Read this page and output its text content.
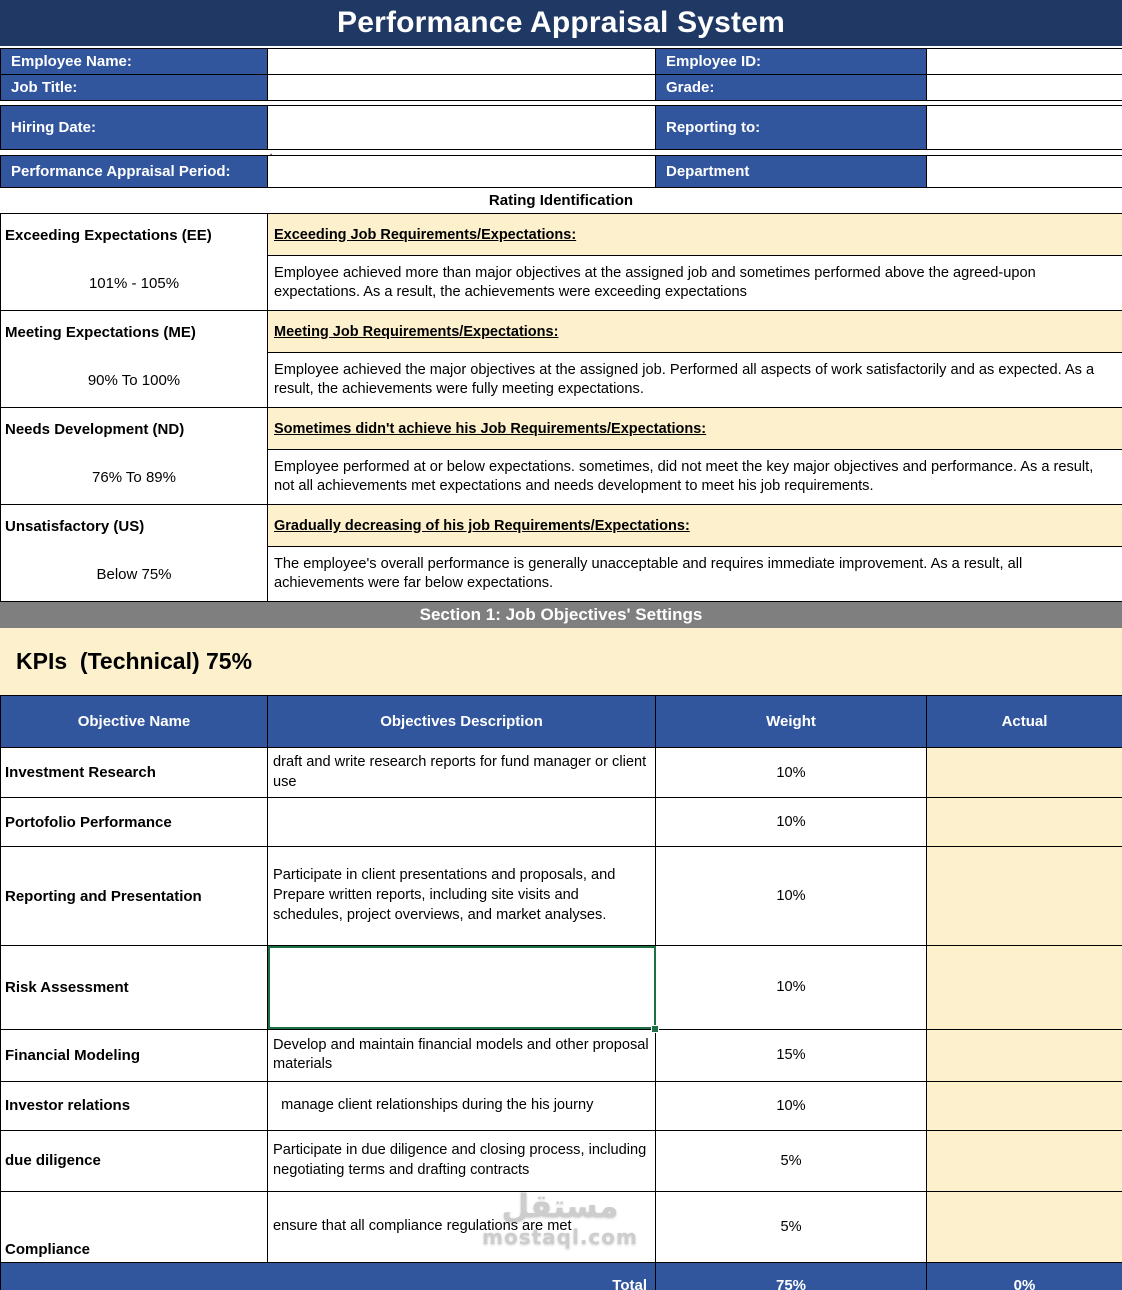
Performance Appraisal System
Employee Name:		Employee ID:	
Job Title:		Grade:	

Hiring Date:		Reporting to:	
	.		
Performance Appraisal Period:		Department	
Rating Identification
Exceeding Expectations (EE)
101% - 105%	Exceeding Job Requirements/Expectations:
	Employee achieved more than major objectives at the assigned job and sometimes performed above the agreed-upon expectations. As a result, the achievements were exceeding expectations

Meeting Expectations (ME)
90% To 100%	Meeting Job Requirements/Expectations:
	Employee achieved the major objectives at the assigned job. Performed all aspects of work satisfactorily and as expected. As a result, the achievements were fully meeting expectations.

Needs Development (ND)
76% To 89%	Sometimes didn't achieve his Job Requirements/Expectations:
	Employee performed at or below expectations. sometimes, did not meet the key major objectives and performance. As a result, not all achievements met expectations and needs development to meet his job requirements.

Unsatisfactory (US)
Below 75%	Gradually decreasing of his job Requirements/Expectations:
	The employee's overall performance is generally unacceptable and requires immediate improvement. As a result, all achievements were far below expectations.
Section 1: Job Objectives' Settings
KPIs  (Technical) 75%
Objective Name	Objectives Description	Weight	Actual
Investment Research	draft and write research reports for fund manager or client use	10%	
Portofolio Performance		10%	
Reporting and Presentation	Participate in client presentations and proposals, and Prepare written reports, including site visits and schedules, project overviews, and market analyses.	10%	
Risk Assessment		10%	
Financial Modeling	Develop and maintain financial models and other proposal materials	15%	
Investor relations	manage client relationships during the his journy	10%	
due diligence	Participate in due diligence and closing process, including negotiating terms and drafting contracts	5%	
Compliance	ensure that all compliance regulations are met	5%	
Total		75%	0%
مستقل
mostaql.com
